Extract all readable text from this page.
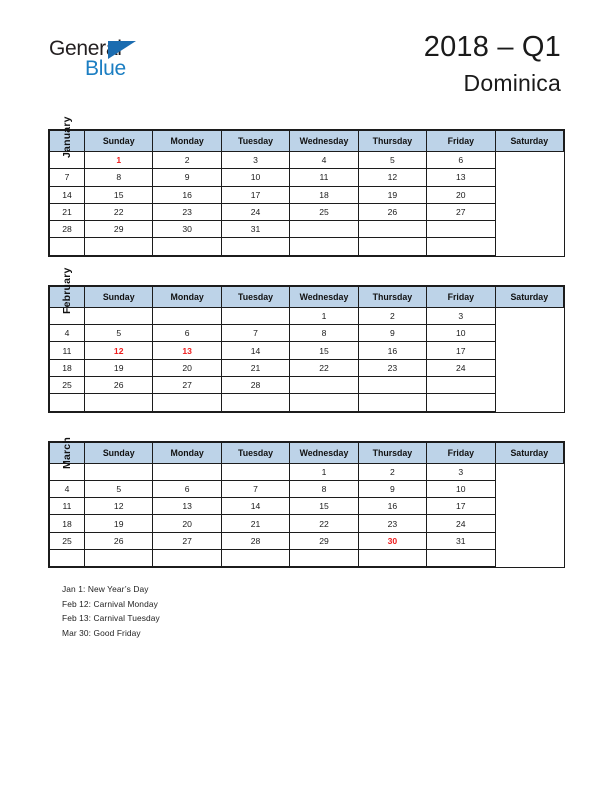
General
Blue
2018 – Q1
Dominica
January	Sunday	Monday	Tuesday	Wednesday	Thursday	Friday	Saturday
	1	2	3	4	5	6	
7	8	9	10	11	12	13	
14	15	16	17	18	19	20	
21	22	23	24	25	26	27	
28	29	30	31				

February	Sunday	Monday	Tuesday	Wednesday	Thursday	Friday	Saturday
				1	2	3	
4	5	6	7	8	9	10	
11	12	13	14	15	16	17	
18	19	20	21	22	23	24	
25	26	27	28				

March	Sunday	Monday	Tuesday	Wednesday	Thursday	Friday	Saturday
				1	2	3	
4	5	6	7	8	9	10	
11	12	13	14	15	16	17	
18	19	20	21	22	23	24	
25	26	27	28	29	30	31	

Jan 1: New Year’s Day
Feb 12: Carnival Monday
Feb 13: Carnival Tuesday
Mar 30: Good Friday
